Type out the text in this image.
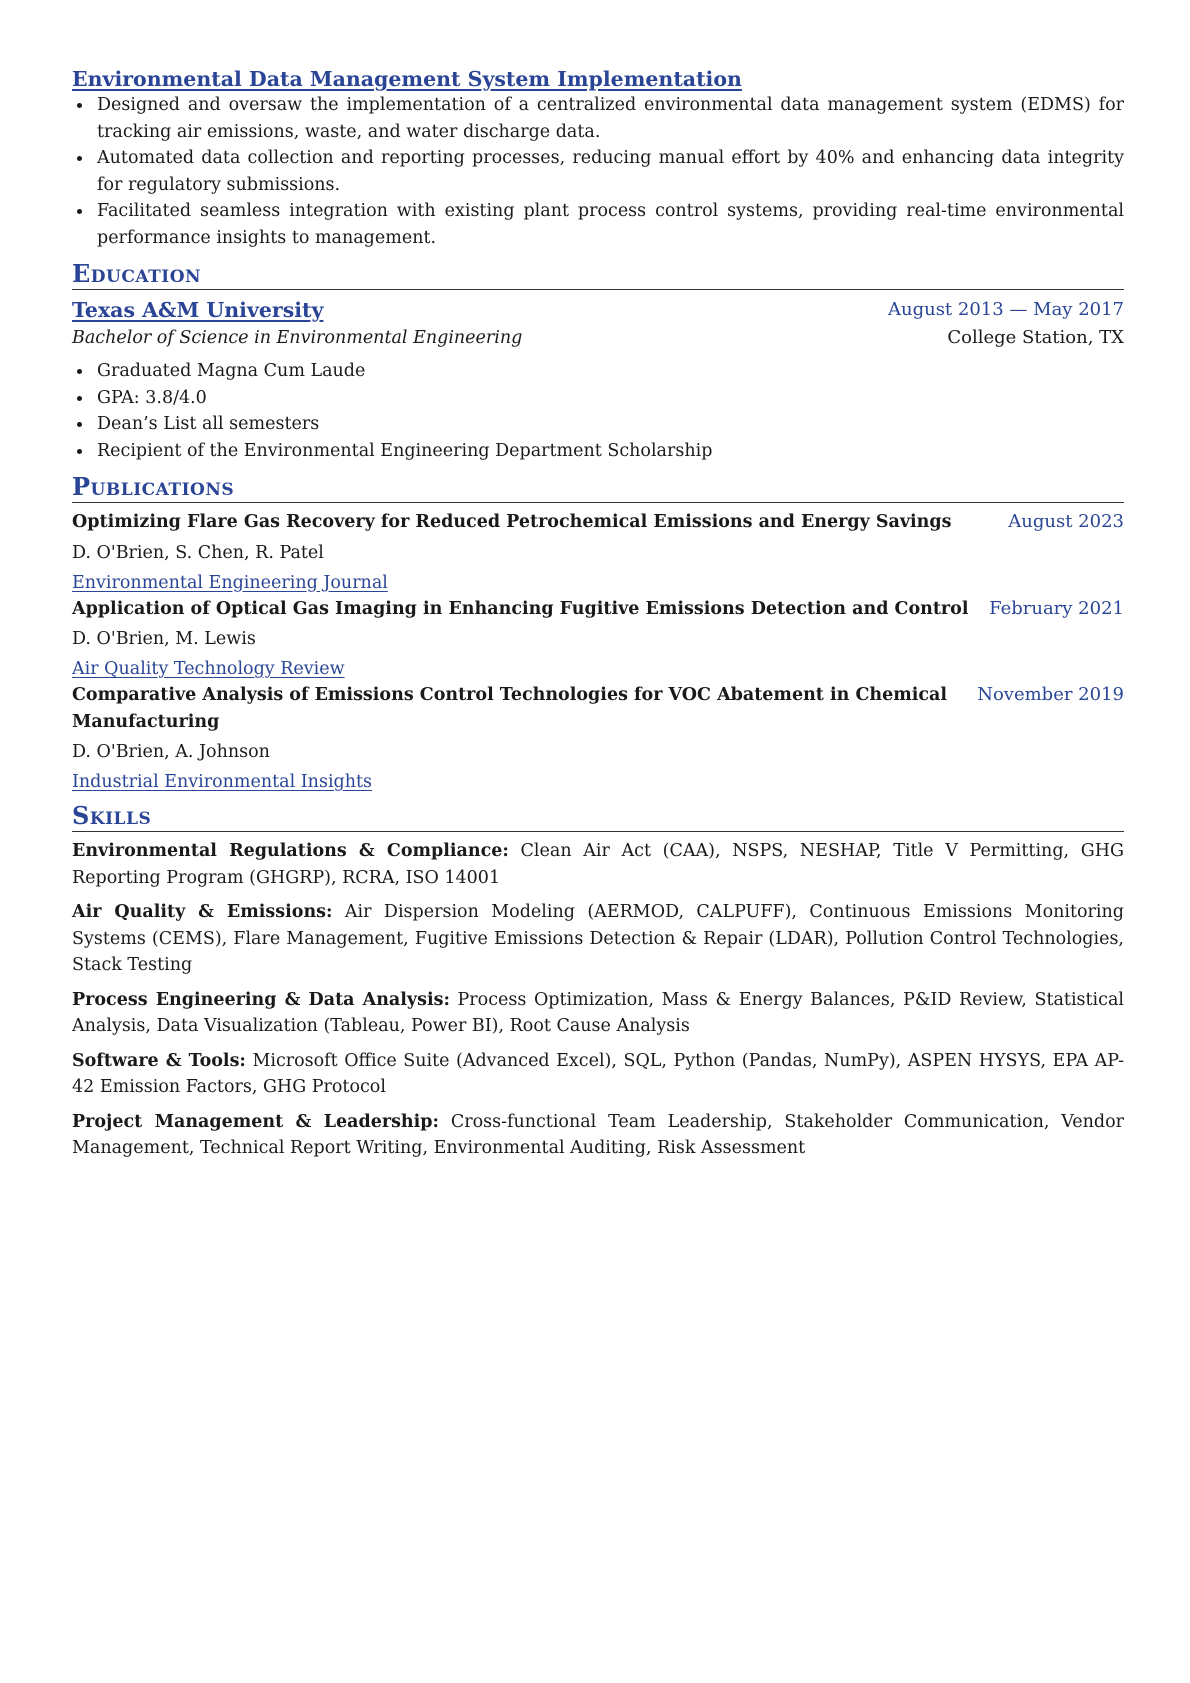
Environmental Data Management System Implementation
Designed and oversaw the implementation of a centralized environmental data management system (EDMS) for tracking air emissions, waste, and water discharge data.
Automated data collection and reporting processes, reducing manual effort by 40% and enhancing data integrity for regulatory submissions.
Facilitated seamless integration with existing plant process control systems, providing real-time environmental performance insights to management.
Education
Texas A&M University	August 2013 — May 2017
Bachelor of Science in Environmental Engineering	College Station, TX
Graduated Magna Cum Laude
GPA: 3.8/4.0
Dean’s List all semesters
Recipient of the Environmental Engineering Department Scholarship
Publications
Optimizing Flare Gas Recovery for Reduced Petrochemical Emissions and Energy Savings	August 2023
D. O'Brien, S. Chen, R. Patel
Environmental Engineering Journal
Application of Optical Gas Imaging in Enhancing Fugitive Emissions Detection and Control	February 2021
D. O'Brien, M. Lewis
Air Quality Technology Review
Comparative Analysis of Emissions Control Technologies for VOC Abatement in Chemical Manufacturing
November 2019
D. O'Brien, A. Johnson
Industrial Environmental Insights
Skills
Environmental Regulations & Compliance: Clean Air Act (CAA), NSPS, NESHAP, Title V Permitting, GHG Reporting Program (GHGRP), RCRA, ISO 14001
Air Quality & Emissions: Air Dispersion Modeling (AERMOD, CALPUFF), Continuous Emissions Monitoring Systems (CEMS), Flare Management, Fugitive Emissions Detection & Repair (LDAR), Pollution Control Technologies, Stack Testing
Process Engineering & Data Analysis: Process Optimization, Mass & Energy Balances, P&ID Review, Statistical Analysis, Data Visualization (Tableau, Power BI), Root Cause Analysis
Software & Tools: Microsoft Office Suite (Advanced Excel), SQL, Python (Pandas, NumPy), ASPEN HYSYS, EPA AP-42 Emission Factors, GHG Protocol
Project Management & Leadership: Cross-functional Team Leadership, Stakeholder Communication, Vendor Management, Technical Report Writing, Environmental Auditing, Risk Assessment
